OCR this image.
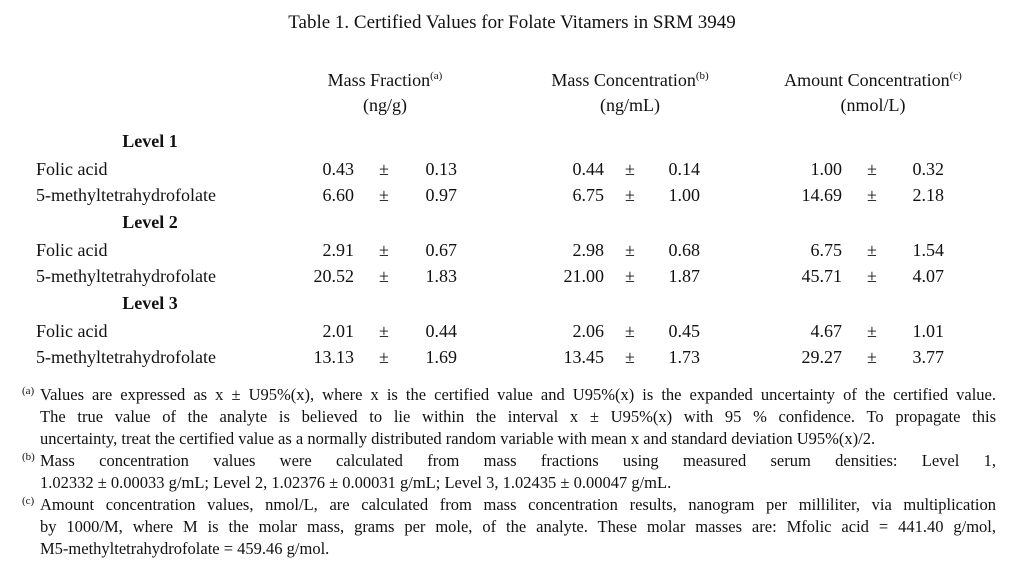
Table 1. Certified Values for Folate Vitamers in SRM 3949
Mass Fraction$^{(a)}$
(ng/g)
Mass Concentration$^{(b)}$
(ng/mL)
Amount Concentration$^{(c)}$
(nmol/L)
Level 1
Folic acid	0.43 ±	0.13	0.44 ±	0.14	1.00 ±	0.32
5-methyltetrahydrofolate	6.60 ±	0.97	6.75 ±	1.00	14.69 ±	2.18
Level 2
Folic acid	2.91 ±	0.67	2.98 ±	0.68	6.75 ±	1.54
5-methyltetrahydrofolate	20.52 ±	1.83	21.00 ±	1.87	45.71 ±	4.07
Level 3
Folic acid	2.01 ±	0.44	2.06 ±	0.45	4.67 ±	1.01
5-methyltetrahydrofolate	13.13 ±	1.69	13.45 ±	1.73	29.27 ±	3.77
(a) Values are expressed as x ± U95%(x), where x is the certified value and U95%(x) is the expanded uncertainty of the certified value.

The true value of the analyte is believed to lie within the interval x ± U95%(x) with 95 % confidence. To propagate this

uncertainty, treat the certified value as a normally distributed random variable with mean x and standard deviation U95%(x)/2.

(b) Mass concentration values were calculated from mass fractions using measured serum densities: Level 1,

1.02332 ± 0.00033 g/mL; Level 2, 1.02376 ± 0.00031 g/mL; Level 3, 1.02435 ± 0.00047 g/mL.

(c) Amount concentration values, nmol/L, are calculated from mass concentration results, nanogram per milliliter, via multiplication

by 1000/M, where M is the molar mass, grams per mole, of the analyte. These molar masses are: Mfolic acid = 441.40 g/mol,

M5-methyltetrahydrofolate = 459.46 g/mol.
